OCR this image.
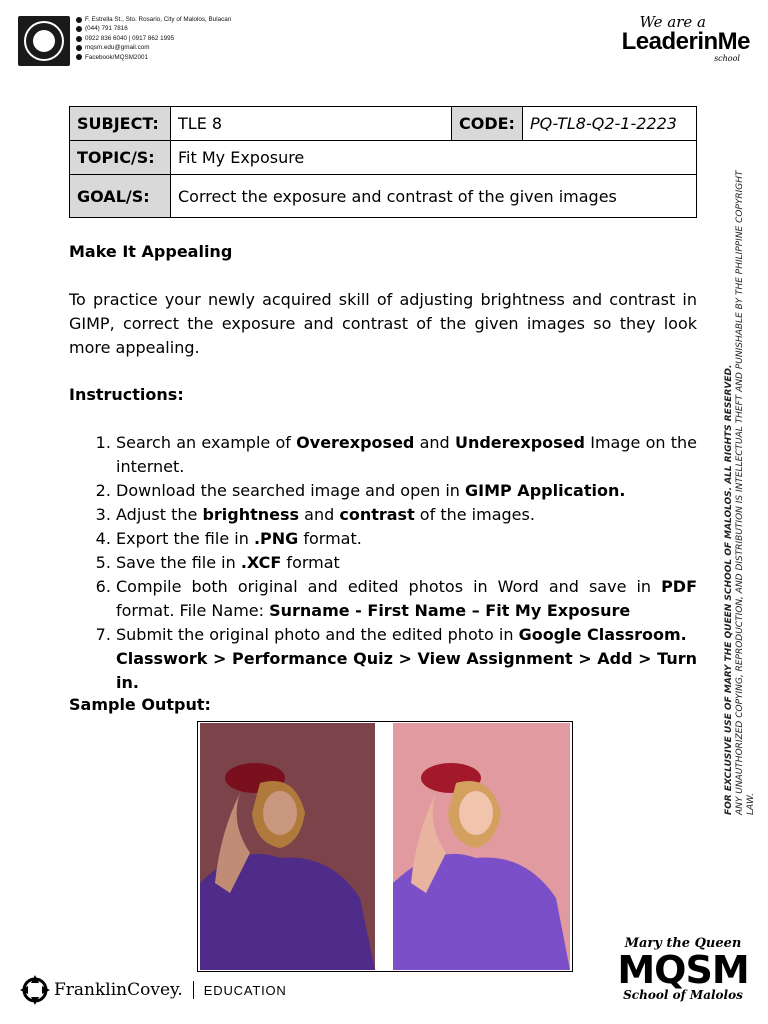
F. Estrella St., Sto. Rosario, City of Malolos, Bulacan
(044) 791 7816
0922 836 6040 | 0917 862 1995
mqsm.edu@gmail.com
Facebook/MQSM2001
We are a
LeaderinMe
school
SUBJECT:	TLE 8	CODE:	PQ-TL8-Q2-1-2223
TOPIC/S:	Fit My Exposure		
GOAL/S:	Correct the exposure and contrast of the given images		
Make It Appealing
To practice your newly acquired skill of adjusting brightness and contrast in GIMP, correct the exposure and contrast of the given images so they look more appealing.
Instructions:
1. Search an example of Overexposed and Underexposed Image on the internet.
2. Download the searched image and open in GIMP Application.
3. Adjust the brightness and contrast of the images.
4. Export the file in .PNG format.
5. Save the file in .XCF format
6. Compile both original and edited photos in Word and save in PDF format. File Name: Surname - First Name – Fit My Exposure
7. Submit the original photo and the edited photo in Google Classroom.
Classwork > Performance Quiz > View Assignment > Add > Turn in.
Sample Output:	FOR EXCLUSIVE USE OF MARY THE QUEEN SCHOOL OF MALOLOS. ALL RIGHTS RESERVED. ANY UNAUTHORIZED COPYING, REPRODUCTION, AND DISTRIBUTION IS INTELLECTUAL THEFT AND PUNISHABLE BY THE PHILIPPINE COPYRIGHT LAW.
FranklinCovey. EDUCATION
Mary the Queen
MQSM
School of Malolos
